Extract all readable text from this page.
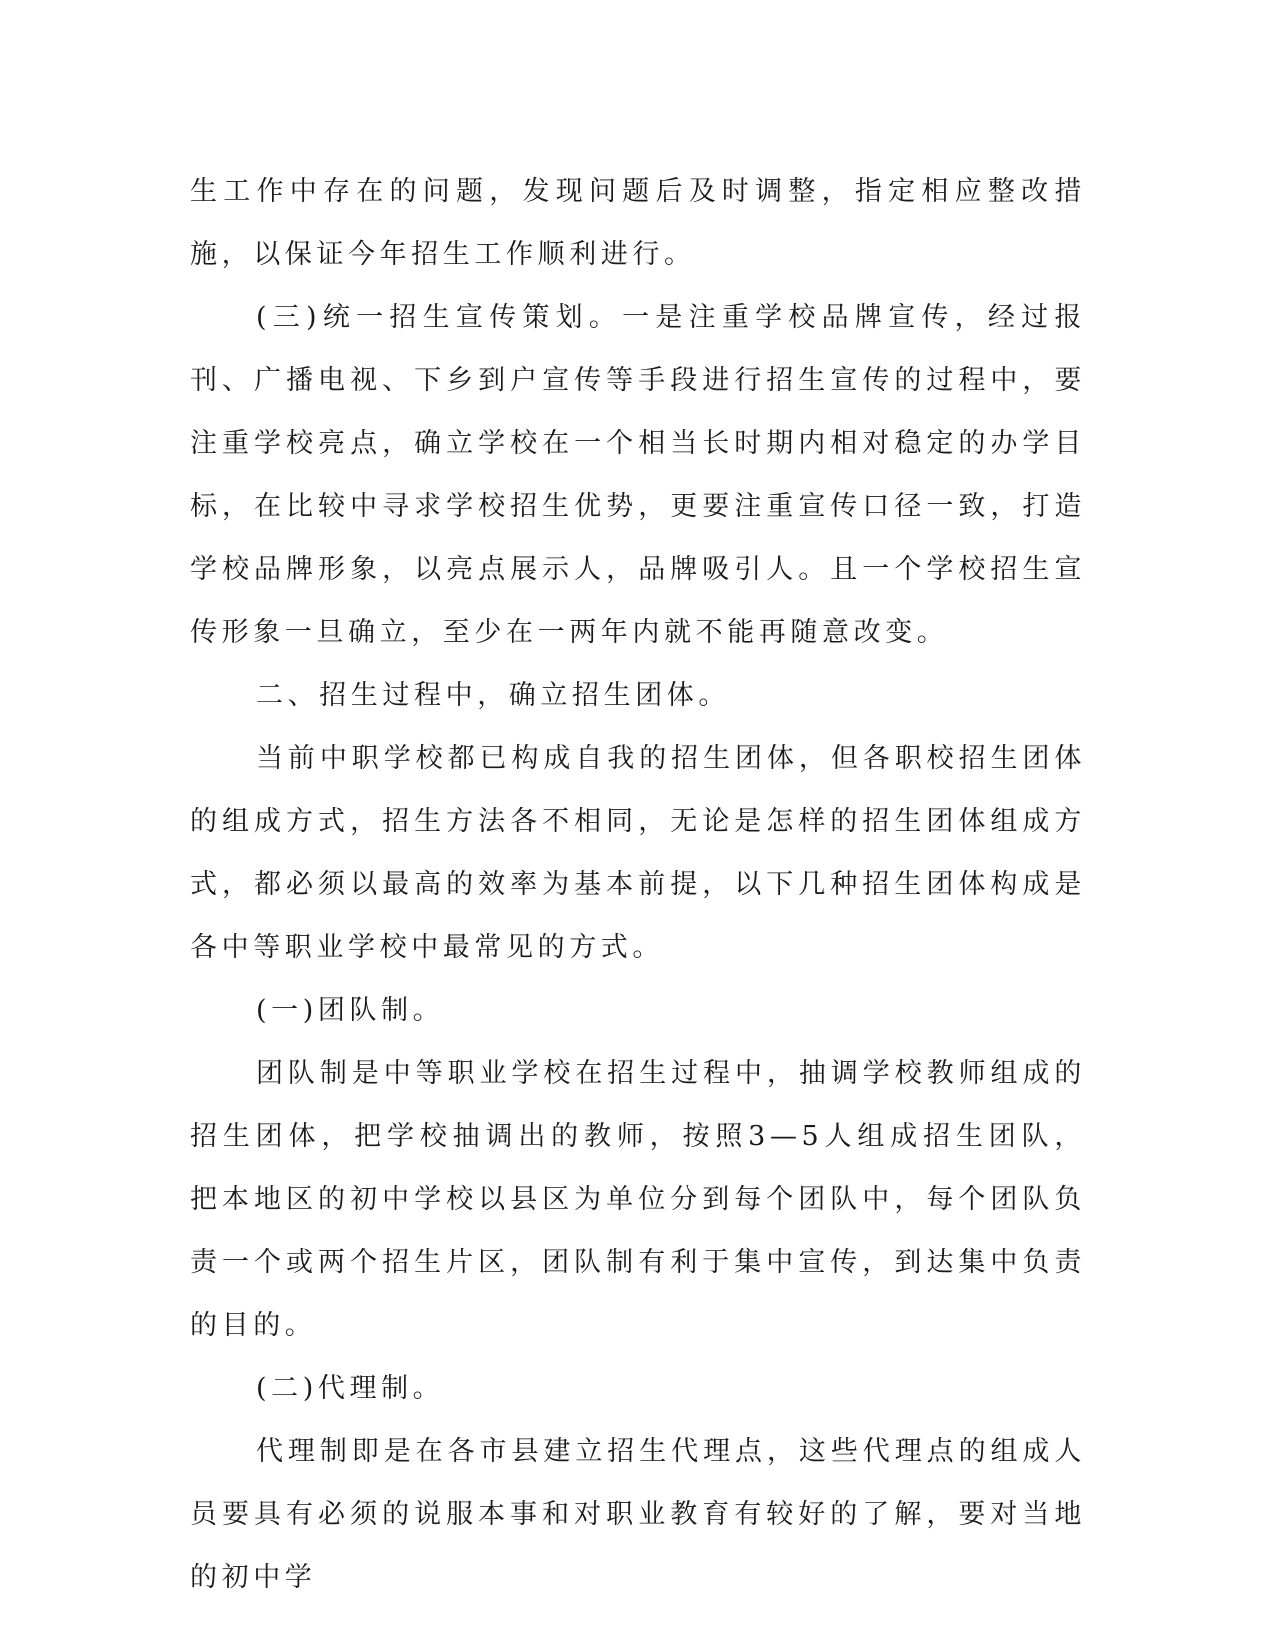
生工作中存在的问题，发现问题后及时调整，指定相应整改措施，以保证今年招生工作顺利进行。

(三)统一招生宣传策划。一是注重学校品牌宣传，经过报刊、广播电视、下乡到户宣传等手段进行招生宣传的过程中，要注重学校亮点，确立学校在一个相当长时期内相对稳定的办学目标，在比较中寻求学校招生优势，更要注重宣传口径一致，打造学校品牌形象，以亮点展示人，品牌吸引人。且一个学校招生宣传形象一旦确立，至少在一两年内就不能再随意改变。

二、招生过程中，确立招生团体。

当前中职学校都已构成自我的招生团体，但各职校招生团体的组成方式，招生方法各不相同，无论是怎样的招生团体组成方式，都必须以最高的效率为基本前提，以下几种招生团体构成是各中等职业学校中最常见的方式。

(一)团队制。

团队制是中等职业学校在招生过程中，抽调学校教师组成的招生团体，把学校抽调出的教师，按照3—5人组成招生团队，把本地区的初中学校以县区为单位分到每个团队中，每个团队负责一个或两个招生片区，团队制有利于集中宣传，到达集中负责的目的。

(二)代理制。

代理制即是在各市县建立招生代理点，这些代理点的组成人员要具有必须的说服本事和对职业教育有较好的了解，要对当地的初中学
